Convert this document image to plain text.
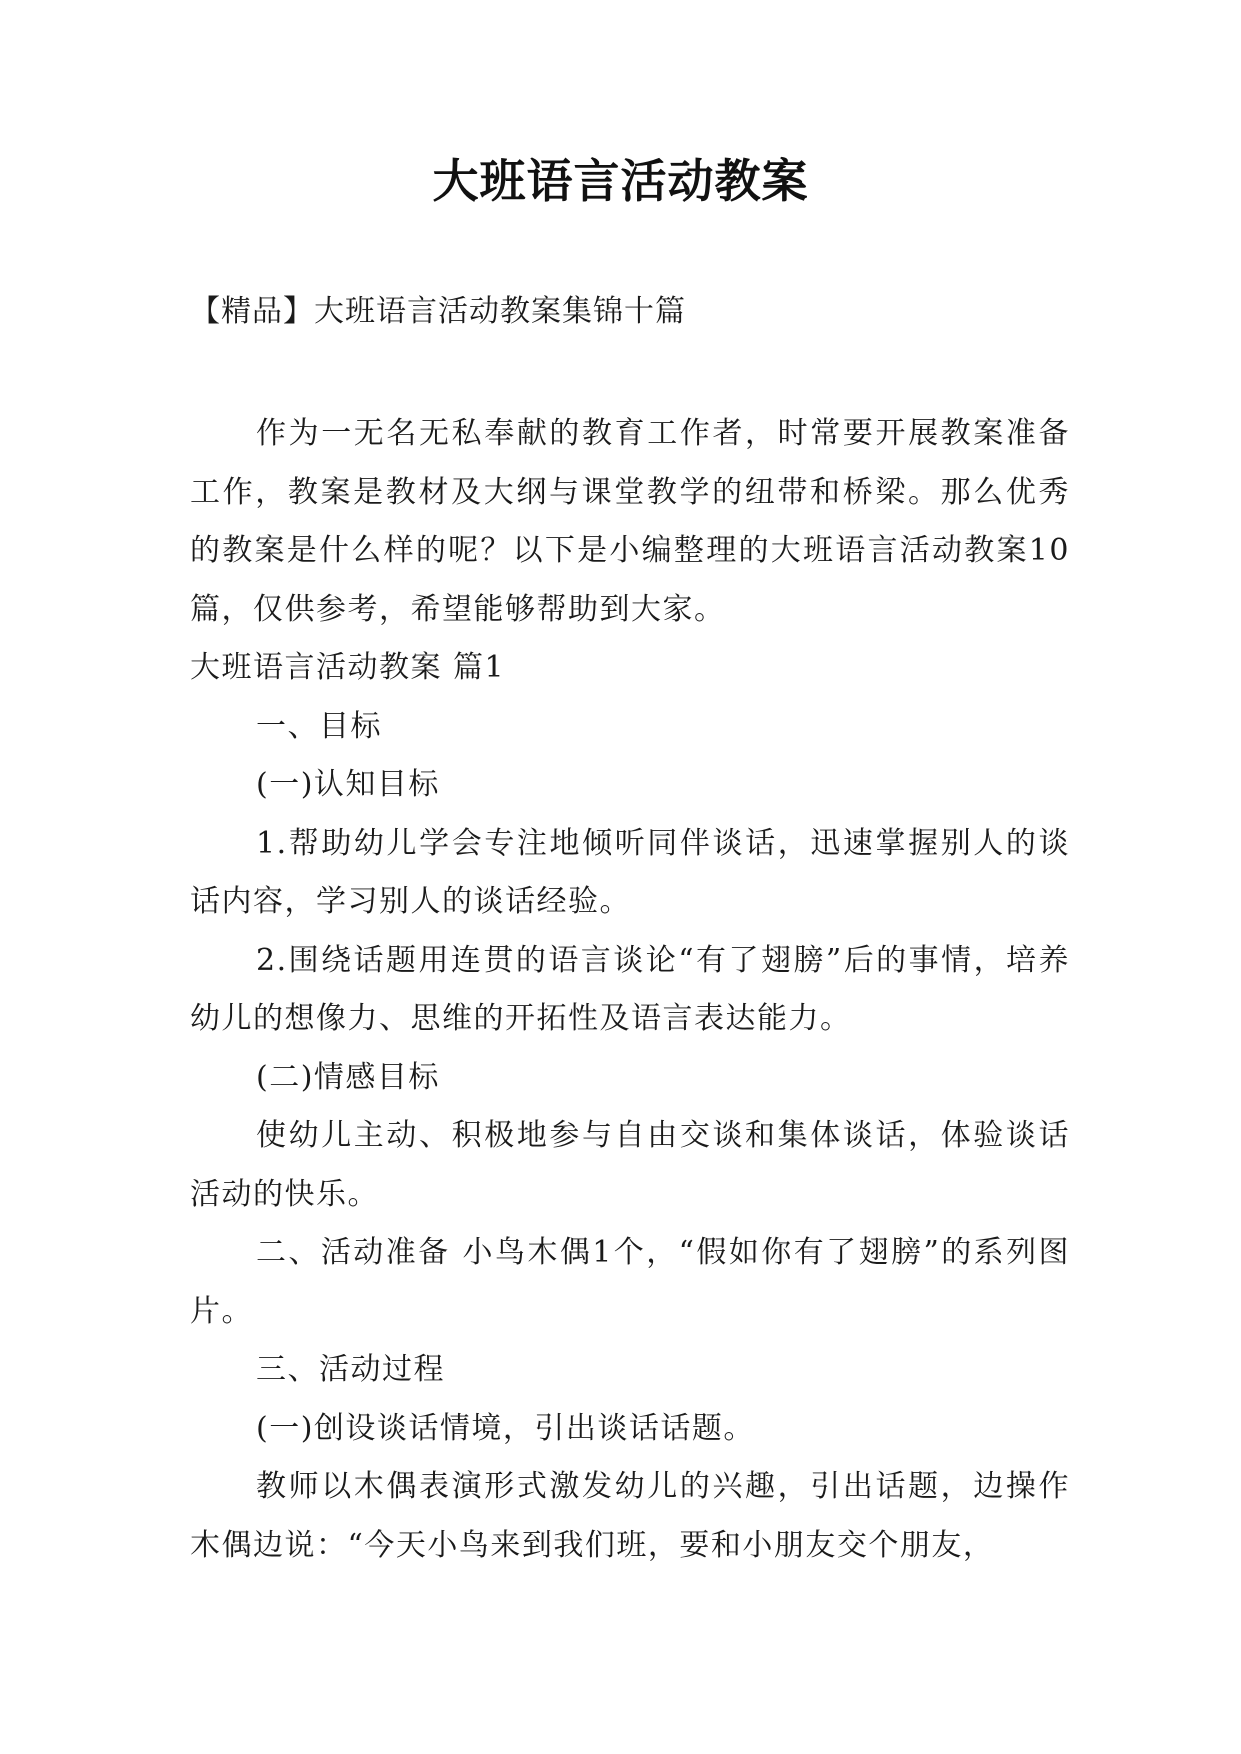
大班语言活动教案
【精品】大班语言活动教案集锦十篇

作为一无名无私奉献的教育工作者，时常要开展教案准备工作，教案是教材及大纲与课堂教学的纽带和桥梁。那么优秀的教案是什么样的呢？以下是小编整理的大班语言活动教案10篇，仅供参考，希望能够帮助到大家。

大班语言活动教案 篇1

一、目标

(一)认知目标

1.帮助幼儿学会专注地倾听同伴谈话，迅速掌握别人的谈话内容，学习别人的谈话经验。

2.围绕话题用连贯的语言谈论“有了翅膀”后的事情，培养幼儿的想像力、思维的开拓性及语言表达能力。

(二)情感目标

使幼儿主动、积极地参与自由交谈和集体谈话，体验谈话活动的快乐。

二、活动准备 小鸟木偶1个，“假如你有了翅膀”的系列图片。

三、活动过程

(一)创设谈话情境，引出谈话话题。

教师以木偶表演形式激发幼儿的兴趣，引出话题，边操作木偶边说：“今天小鸟来到我们班，要和小朋友交个朋友，
